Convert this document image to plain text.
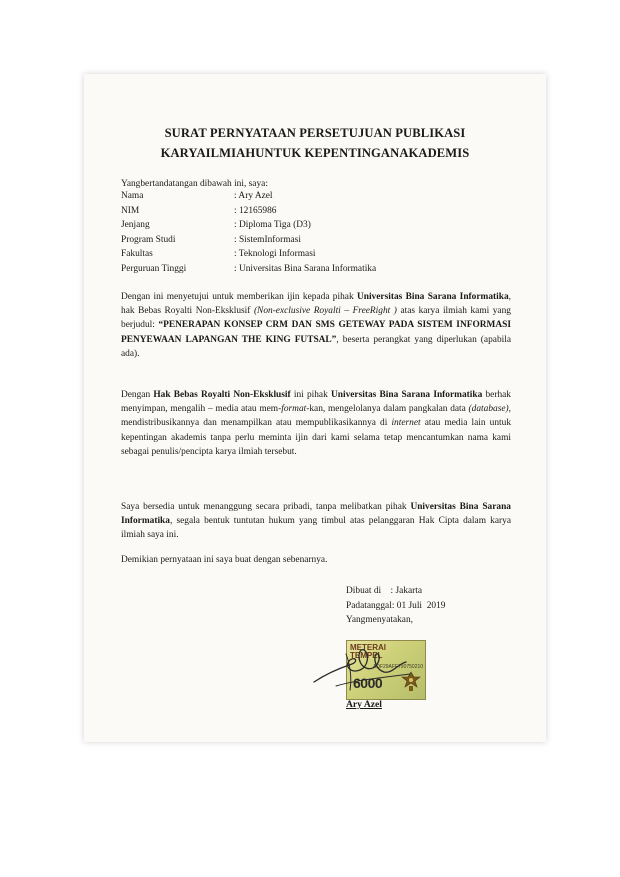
SURAT PERNYATAAN PERSETUJUAN PUBLIKASI
KARYAILMIAHUNTUK KEPENTINGANAKADEMIS
Yangbertandatangan dibawah ini, saya:
Nama	: Ary Azel
NIM	: 12165986
Jenjang	: Diploma Tiga (D3)
Program Studi	: SistemInformasi
Fakultas	: Teknologi Informasi
Perguruan Tinggi	: Universitas Bina Sarana Informatika
Dengan ini menyetujui untuk memberikan ijin kepada pihak Universitas Bina Sarana Informatika, hak Bebas Royalti Non-Eksklusif (Non-exclusive Royalti – FreeRight ) atas karya ilmiah kami yang berjudul: “PENERAPAN KONSEP CRM DAN SMS GETEWAY PADA SISTEM INFORMASI PENYEWAAN LAPANGAN THE KING FUTSAL”, beserta perangkat yang diperlukan (apabila ada).
Dengan Hak Bebas Royalti Non-Eksklusif ini pihak Universitas Bina Sarana Informatika berhak menyimpan, mengalih – media atau mem-format-kan, mengelolanya dalam pangkalan data (database), mendistribusikannya dan menampilkan atau mempublikasikannya di internet atau media lain untuk kepentingan akademis tanpa perlu meminta ijin dari kami selama tetap mencantumkan nama kami sebagai penulis/pencipta karya ilmiah tersebut.
Saya bersedia untuk menanggung secara pribadi, tanpa melibatkan pihak Universitas Bina Sarana Informatika, segala bentuk tuntutan hukum yang timbul atas pelanggaran Hak Cipta dalam karya ilmiah saya ini.
Demikian pernyataan ini saya buat dengan sebenarnya.
Dibuat di    : Jakarta
Padatanggal: 01 Juli  2019
Yangmenyatakan,
METERAI
TEMPEL
ADF29AFF790750210
6000
Ary Azel
